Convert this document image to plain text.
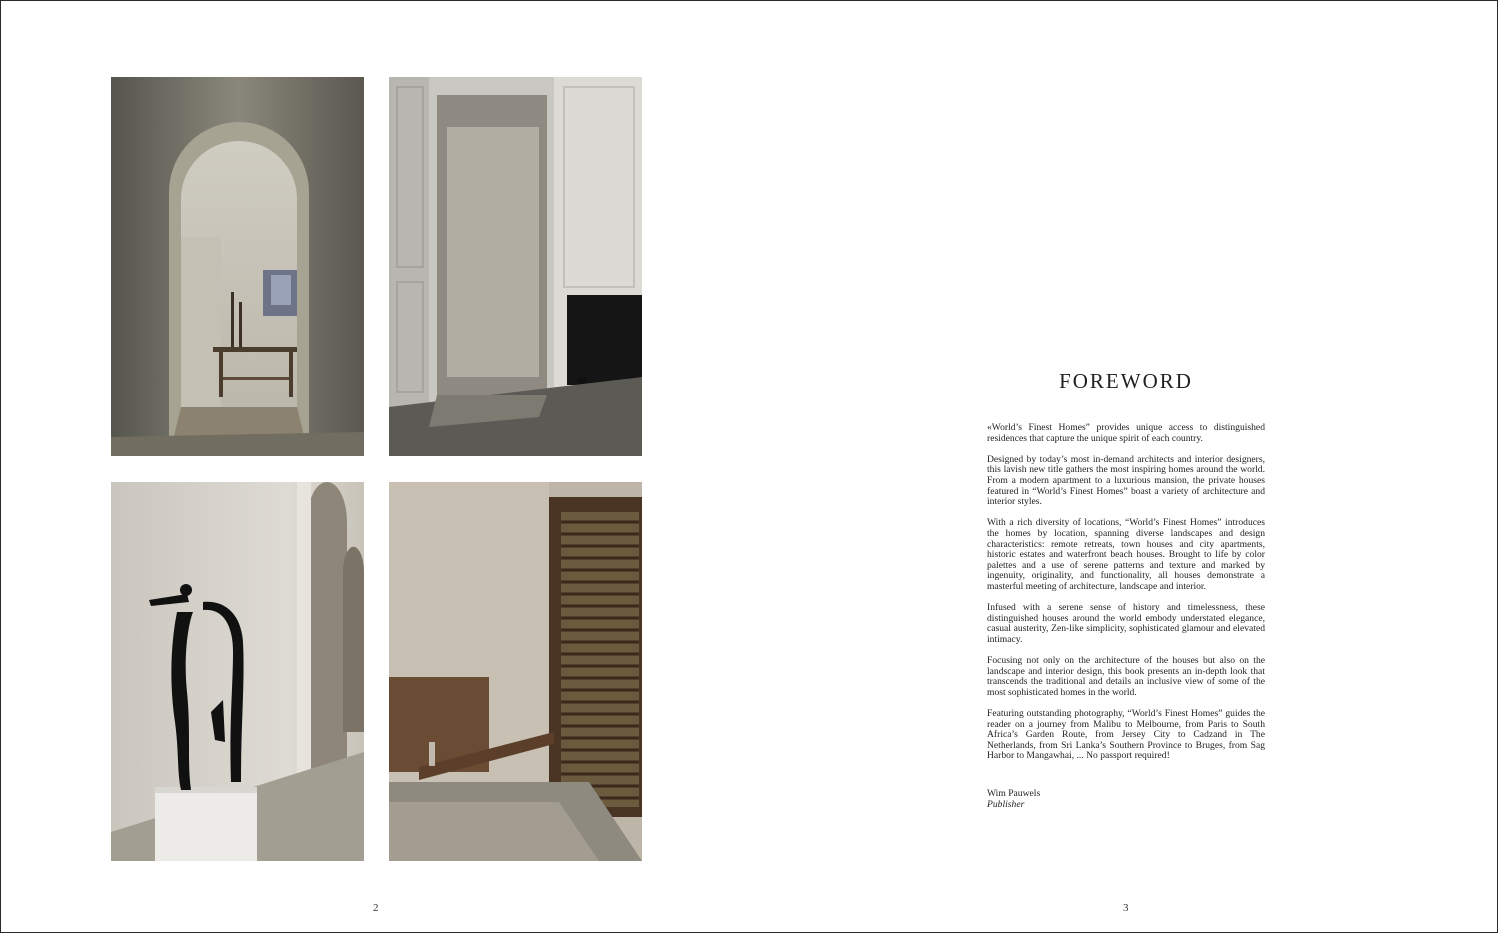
2	3
FOREWORD

«World’s Finest Homes” provides unique access to distinguished residences that capture the unique spirit of each country.

Designed by today’s most in-demand architects and interior designers, this lavish new title gathers the most inspiring homes around the world. From a modern apartment to a luxurious mansion, the private houses featured in “World’s Finest Homes” boast a variety of architecture and interior styles.

With a rich diversity of locations, “World’s Finest Homes” introduces the homes by location, spanning diverse landscapes and design characteristics: remote retreats, town houses and city apartments, historic estates and waterfront beach houses. Brought to life by color palettes and a use of serene patterns and texture and marked by ingenuity, originality, and functionality, all houses demonstrate a masterful meeting of architecture, landscape and interior.

Infused with a serene sense of history and timelessness, these distinguished houses around the world embody understated elegance, casual austerity, Zen-like simplicity, sophisticated glamour and elevated intimacy.

Focusing not only on the architecture of the houses but also on the landscape and interior design, this book presents an in-depth look that transcends the traditional and details an inclusive view of some of the most sophisticated homes in the world.

Featuring outstanding photography, “World’s Finest Homes” guides the reader on a journey from Malibu to Melbourne, from Paris to South Africa’s Garden Route, from Jersey City to Cadzand in The Netherlands, from Sri Lanka’s Southern Province to Bruges, from Sag Harbor to Mangawhai, ... No passport required!

Wim Pauwels
Publisher
